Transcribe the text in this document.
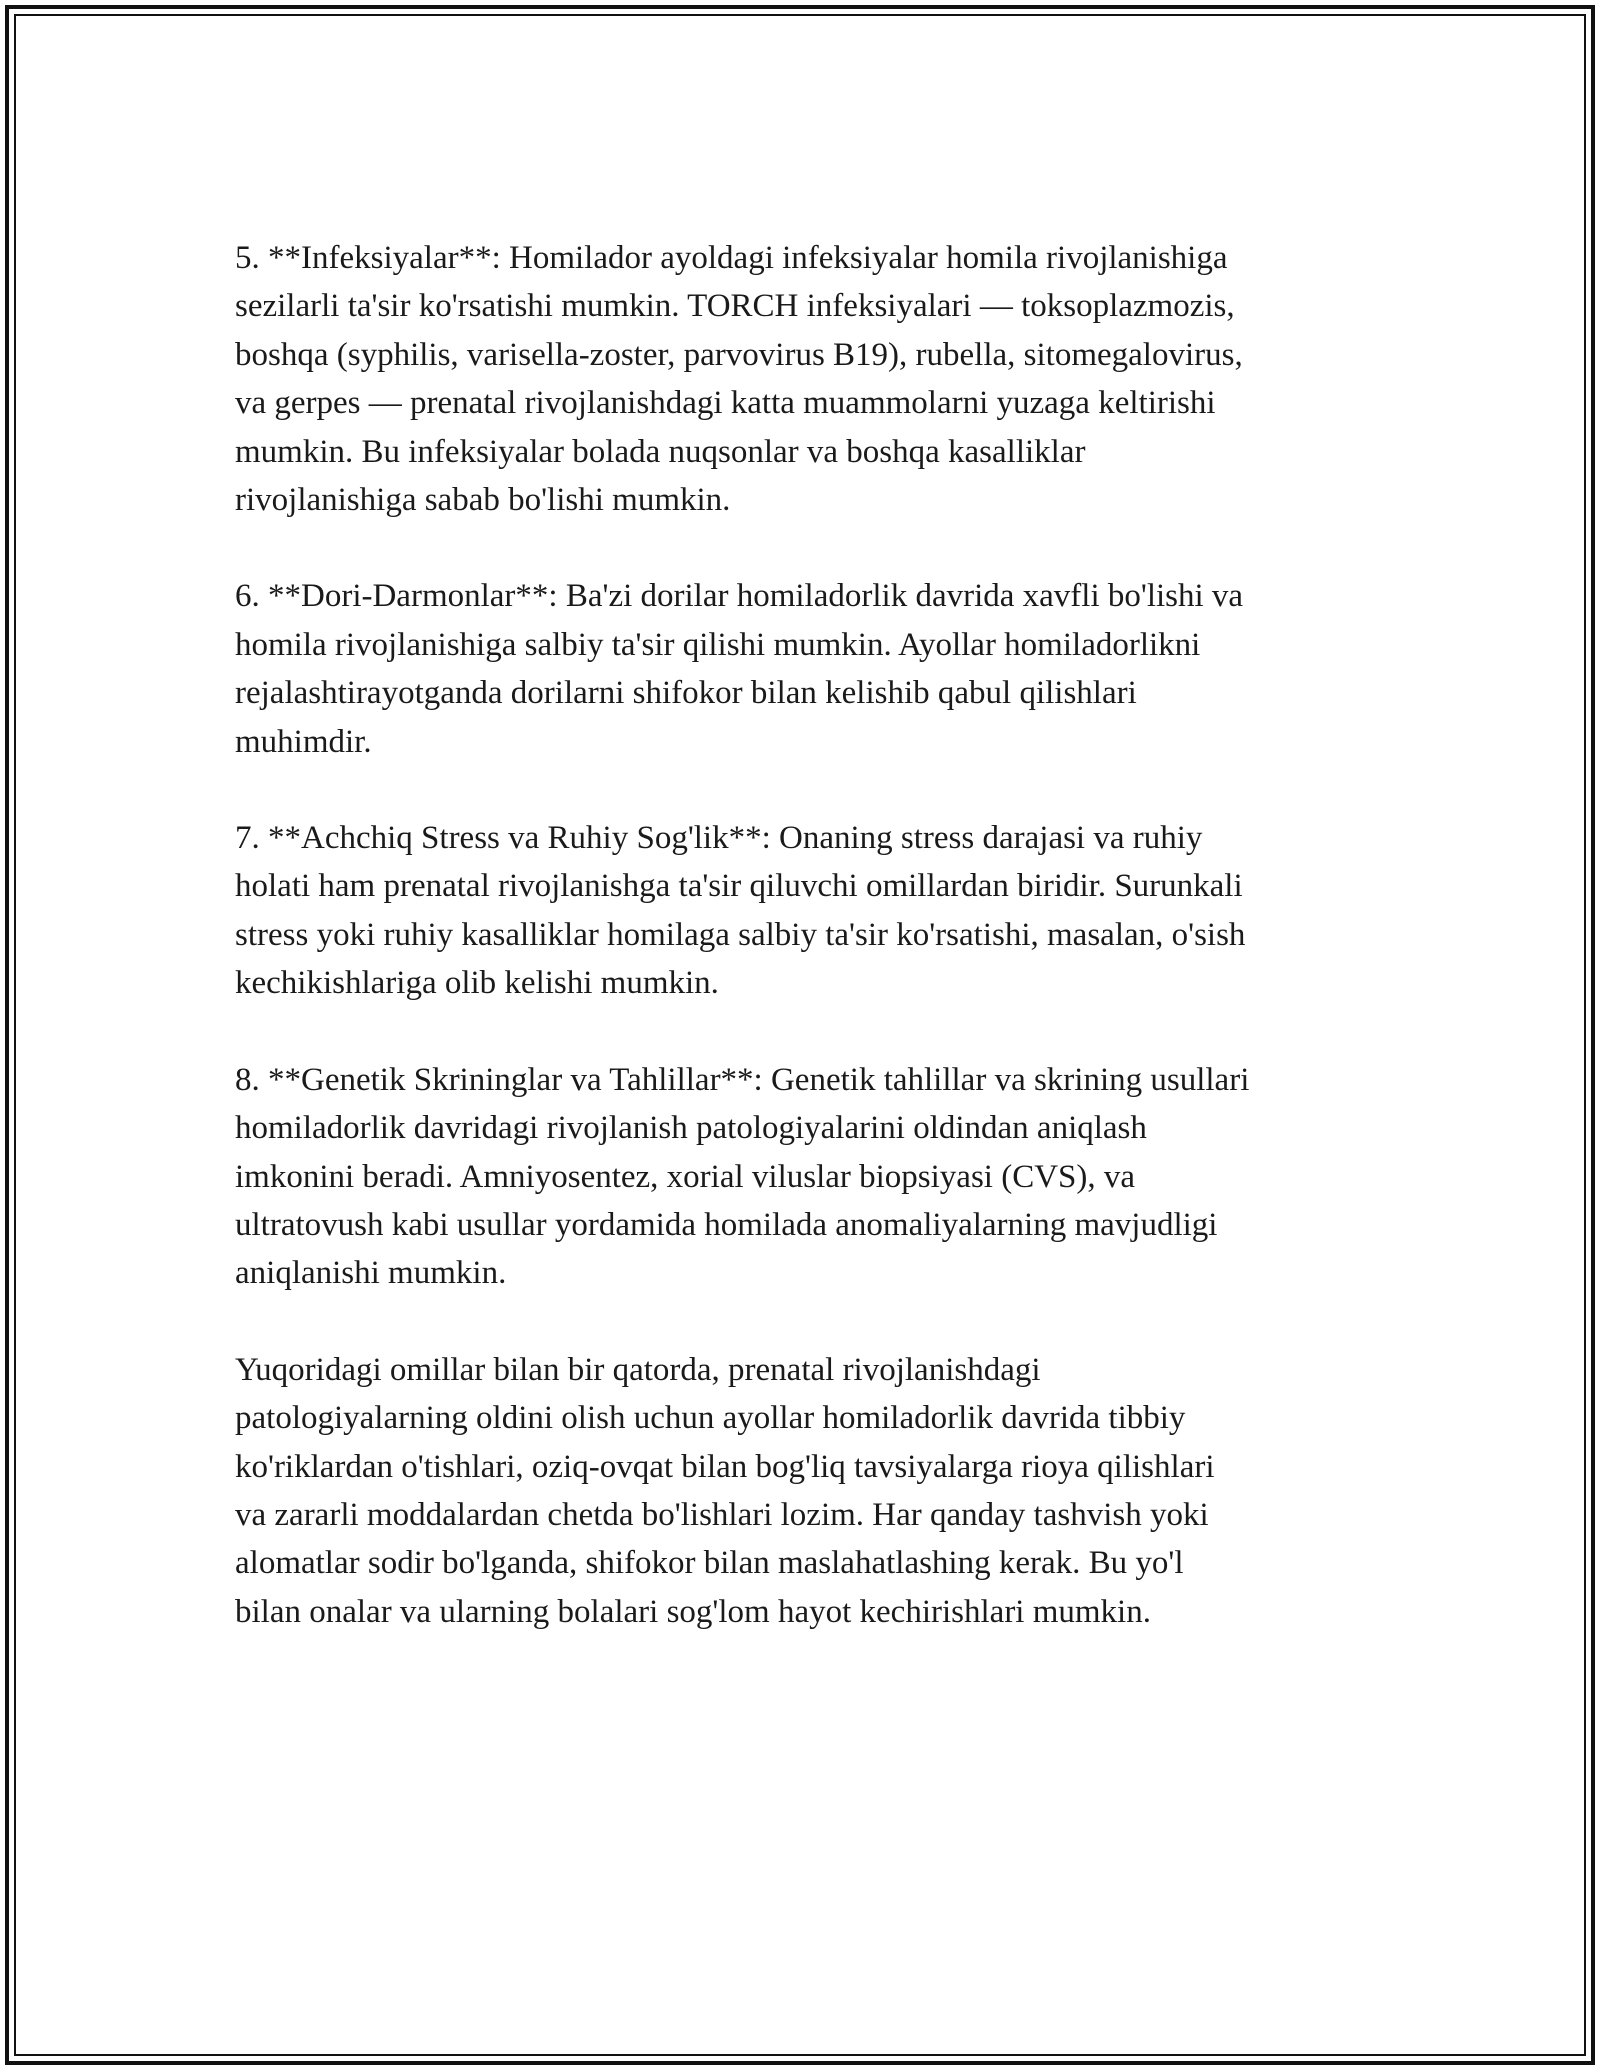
5. **Infeksiyalar**: Homilador ayoldagi infeksiyalar homila rivojlanishiga
sezilarli ta'sir ko'rsatishi mumkin. TORCH infeksiyalari — toksoplazmozis,
boshqa (syphilis, varisella-zoster, parvovirus B19), rubella, sitomegalovirus,
va gerpes — prenatal rivojlanishdagi katta muammolarni yuzaga keltirishi
mumkin. Bu infeksiyalar bolada nuqsonlar va boshqa kasalliklar
rivojlanishiga sabab bo'lishi mumkin.

6. **Dori-Darmonlar**: Ba'zi dorilar homiladorlik davrida xavfli bo'lishi va
homila rivojlanishiga salbiy ta'sir qilishi mumkin. Ayollar homiladorlikni
rejalashtirayotganda dorilarni shifokor bilan kelishib qabul qilishlari
muhimdir.

7. **Achchiq Stress va Ruhiy Sog'lik**: Onaning stress darajasi va ruhiy
holati ham prenatal rivojlanishga ta'sir qiluvchi omillardan biridir. Surunkali
stress yoki ruhiy kasalliklar homilaga salbiy ta'sir ko'rsatishi, masalan, o'sish
kechikishlariga olib kelishi mumkin.

8. **Genetik Skrininglar va Tahlillar**: Genetik tahlillar va skrining usullari
homiladorlik davridagi rivojlanish patologiyalarini oldindan aniqlash
imkonini beradi. Amniyosentez, xorial viluslar biopsiyasi (CVS), va
ultratovush kabi usullar yordamida homilada anomaliyalarning mavjudligi
aniqlanishi mumkin.

Yuqoridagi omillar bilan bir qatorda, prenatal rivojlanishdagi
patologiyalarning oldini olish uchun ayollar homiladorlik davrida tibbiy
ko'riklardan o'tishlari, oziq-ovqat bilan bog'liq tavsiyalarga rioya qilishlari
va zararli moddalardan chetda bo'lishlari lozim. Har qanday tashvish yoki
alomatlar sodir bo'lganda, shifokor bilan maslahatlashing kerak. Bu yo'l
bilan onalar va ularning bolalari sog'lom hayot kechirishlari mumkin.
